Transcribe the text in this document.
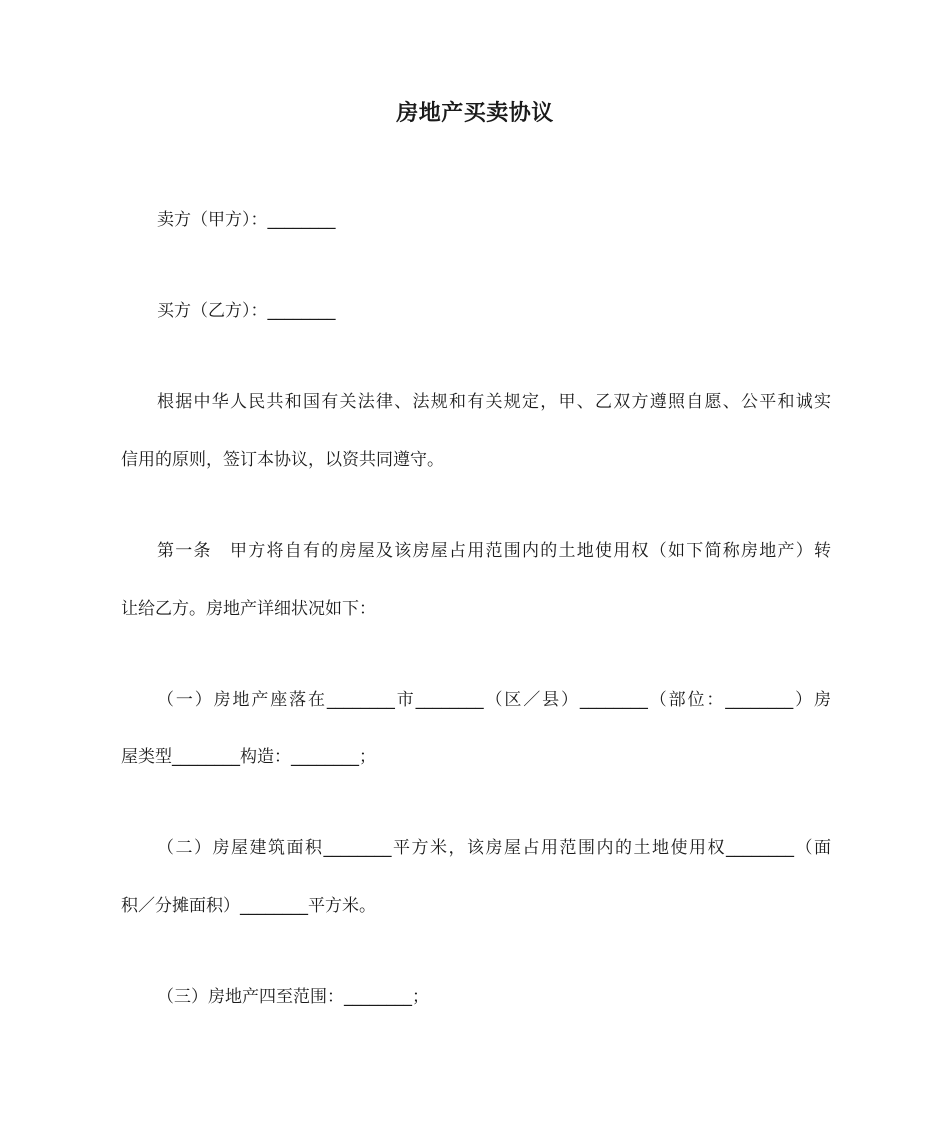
房地产买卖协议
卖方（甲方）：________
买方（乙方）：________
根据中华人民共和国有关法律、法规和有关规定，甲、乙双方遵照自愿、公平和诚实
信用的原则，签订本协议，以资共同遵守。
第一条　甲方将自有的房屋及该房屋占用范围内的土地使用权（如下简称房地产）转
让给乙方。房地产详细状况如下：
（一）房地产座落在________市________（区／县）________（部位：________）房
屋类型________构造：________；
（二）房屋建筑面积________平方米，该房屋占用范围内的土地使用权________（面
积／分摊面积）________平方米。
（三）房地产四至范围：________；
